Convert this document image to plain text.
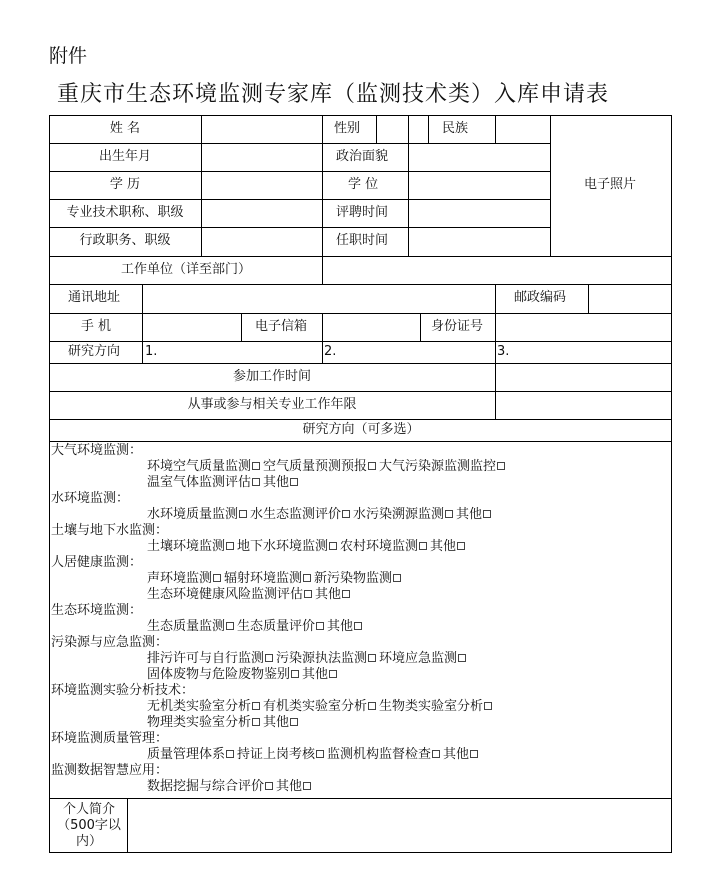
附件
重庆市生态环境监测专家库（监测技术类）入库申请表
姓 名	性别	民族
电子照片
出生年月	政治面貌
学 历	学 位
专业技术职称、职级	评聘时间
行政职务、职级	任职时间
工作单位（详至部门）
通讯地址	邮政编码
手 机	电子信箱	身份证号
研究方向 1.	2.	3.
参加工作时间
从事或参与相关专业工作年限
研究方向（可多选）
大气环境监测：
环境空气质量监测 空气质量预测预报 大气污染源监测监控
温室气体监测评估 其他
水环境监测：
水环境质量监测 水生态监测评价 水污染溯源监测 其他
土壤与地下水监测：
土壤环境监测 地下水环境监测 农村环境监测 其他
人居健康监测：
声环境监测 辐射环境监测 新污染物监测
生态环境健康风险监测评估 其他
生态环境监测：
生态质量监测 生态质量评价 其他
污染源与应急监测：
排污许可与自行监测 污染源执法监测 环境应急监测
固体废物与危险废物鉴别 其他
环境监测实验分析技术：
无机类实验室分析 有机类实验室分析 生物类实验室分析
物理类实验室分析 其他
环境监测质量管理：
质量管理体系 持证上岗考核 监测机构监督检查 其他
监测数据智慧应用：
数据挖掘与综合评价 其他
个人简介（500字以内）
